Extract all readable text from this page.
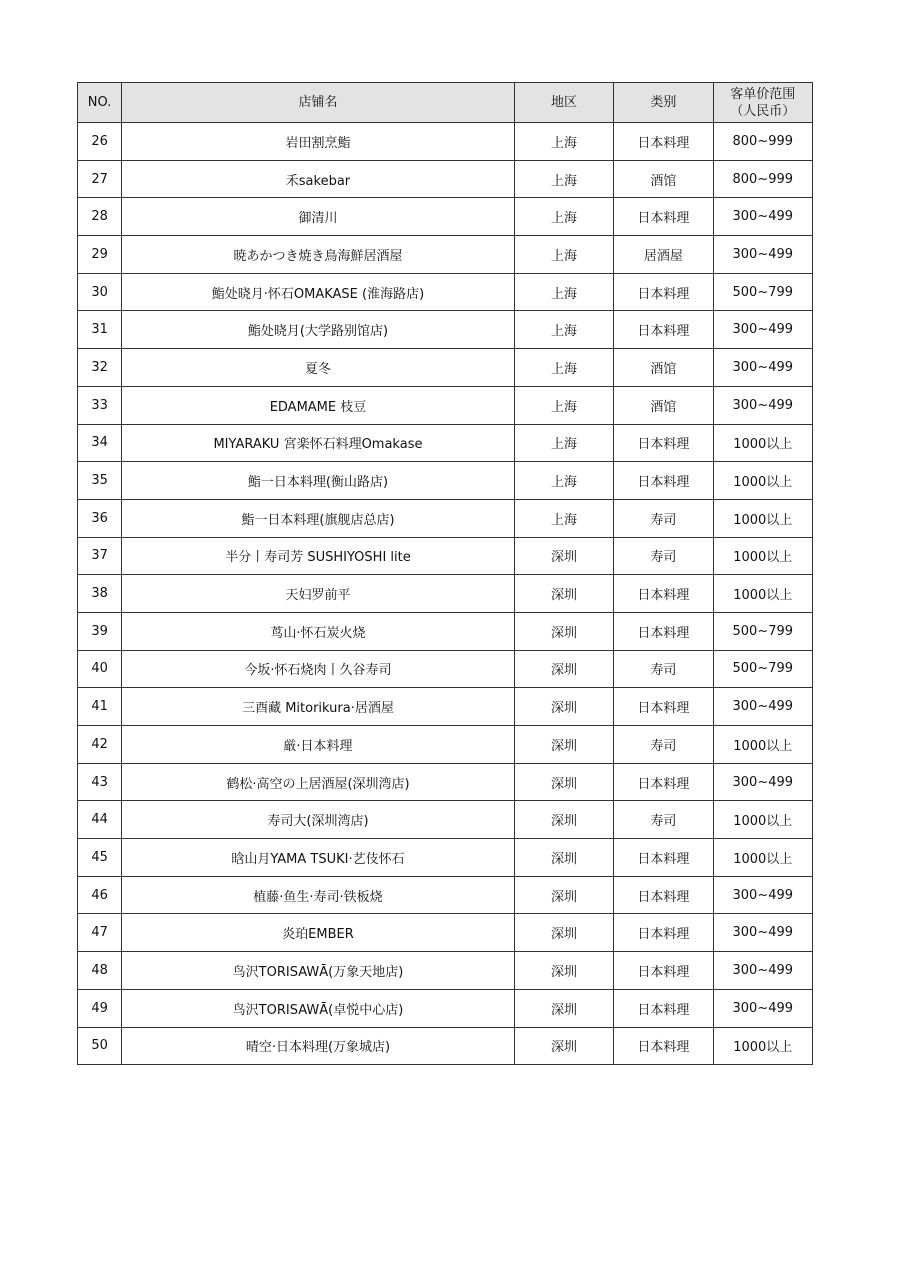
NO.	店铺名	地区	类别	客单价范围
（人民币）

26	岩田割烹鮨	上海	日本料理	800~999
27	禾sakebar	上海	酒馆	800~999
28	御清川	上海	日本料理	300~499
29	暁あかつき焼き鳥海鮮居酒屋	上海	居酒屋	300~499
30	鮨处晓月·怀石OMAKASE (淮海路店)	上海	日本料理	500~799
31	鮨处晓月(大学路别馆店)	上海	日本料理	300~499
32	夏冬	上海	酒馆	300~499
33	EDAMAME 枝豆	上海	酒馆	300~499
34	MIYARAKU 宮楽怀石料理Omakase	上海	日本料理	1000以上
35	鮨一日本料理(衡山路店)	上海	日本料理	1000以上
36	鮨一日本料理(旗舰店总店)	上海	寿司	1000以上
37	半分丨寿司芳 SUSHIYOSHI lite	深圳	寿司	1000以上
38	天妇罗前平	深圳	日本料理	1000以上
39	茑山·怀石炭火烧	深圳	日本料理	500~799
40	今坂·怀石烧肉丨久谷寿司	深圳	寿司	500~799
41	三酉藏 Mitorikura·居酒屋	深圳	日本料理	300~499
42	厳·日本料理	深圳	寿司	1000以上
43	鹤松·高空の上居酒屋(深圳湾店)	深圳	日本料理	300~499
44	寿司大(深圳湾店)	深圳	寿司	1000以上
45	晗山月YAMA TSUKI·艺伎怀石	深圳	日本料理	1000以上
46	植藤·鱼生·寿司·铁板烧	深圳	日本料理	300~499
47	炎珀EMBER	深圳	日本料理	300~499
48	鸟沢TORISAWĀ(万象天地店)	深圳	日本料理	300~499
49	鸟沢TORISAWĀ(卓悦中心店)	深圳	日本料理	300~499
50	晴空·日本料理(万象城店)	深圳	日本料理	1000以上
